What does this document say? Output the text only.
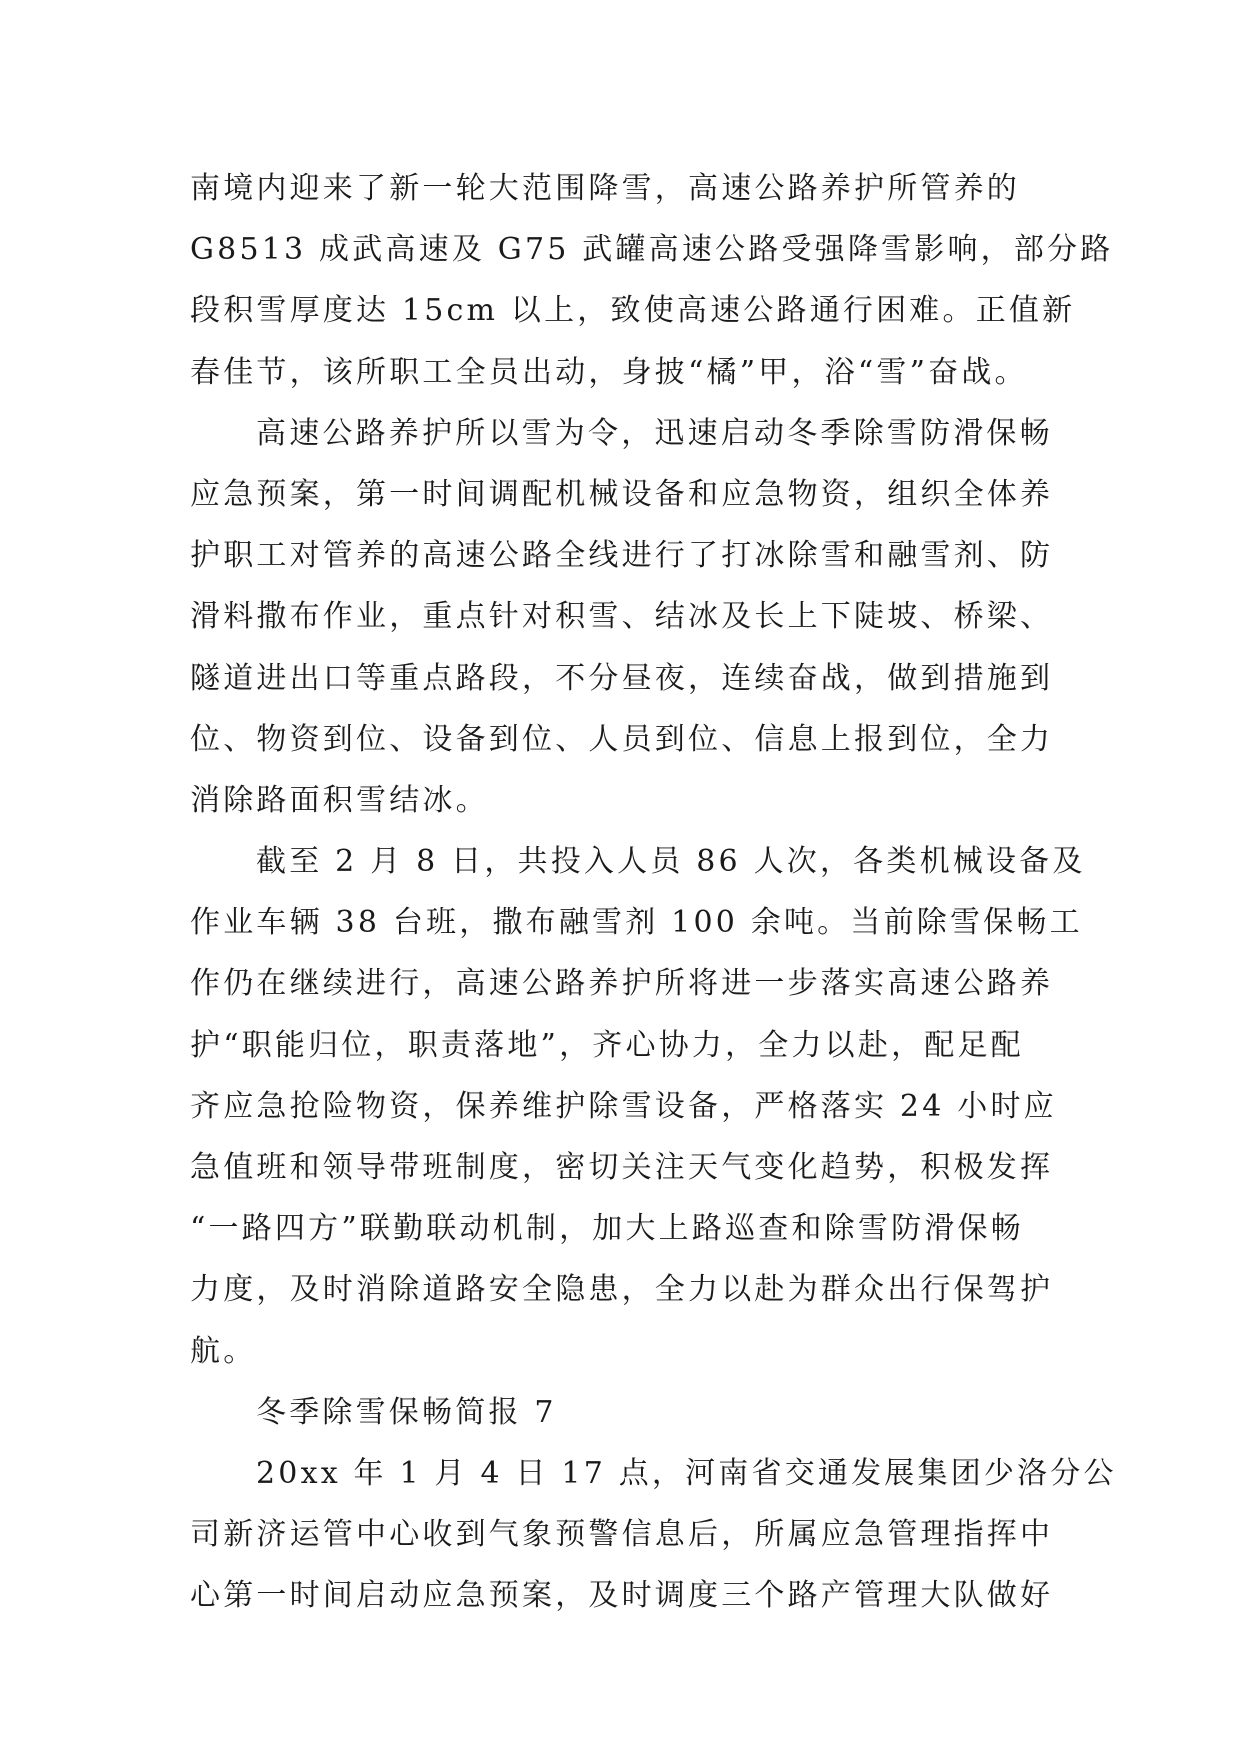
南境内迎来了新一轮大范围降雪，高速公路养护所管养的
G8513 成武高速及 G75 武罐高速公路受强降雪影响，部分路
段积雪厚度达 15cm 以上，致使高速公路通行困难。正值新
春佳节，该所职工全员出动，身披“橘”甲，浴“雪”奋战。
高速公路养护所以雪为令，迅速启动冬季除雪防滑保畅
应急预案，第一时间调配机械设备和应急物资，组织全体养
护职工对管养的高速公路全线进行了打冰除雪和融雪剂、防
滑料撒布作业，重点针对积雪、结冰及长上下陡坡、桥梁、
隧道进出口等重点路段，不分昼夜，连续奋战，做到措施到
位、物资到位、设备到位、人员到位、信息上报到位，全力
消除路面积雪结冰。
截至 2 月 8 日，共投入人员 86 人次，各类机械设备及
作业车辆 38 台班，撒布融雪剂 100 余吨。当前除雪保畅工
作仍在继续进行，高速公路养护所将进一步落实高速公路养
护“职能归位，职责落地”，齐心协力，全力以赴，配足配
齐应急抢险物资，保养维护除雪设备，严格落实 24 小时应
急值班和领导带班制度，密切关注天气变化趋势，积极发挥
“一路四方”联勤联动机制，加大上路巡查和除雪防滑保畅
力度，及时消除道路安全隐患，全力以赴为群众出行保驾护
航。
冬季除雪保畅简报 7
20xx 年 1 月 4 日 17 点，河南省交通发展集团少洛分公
司新济运管中心收到气象预警信息后，所属应急管理指挥中
心第一时间启动应急预案，及时调度三个路产管理大队做好
